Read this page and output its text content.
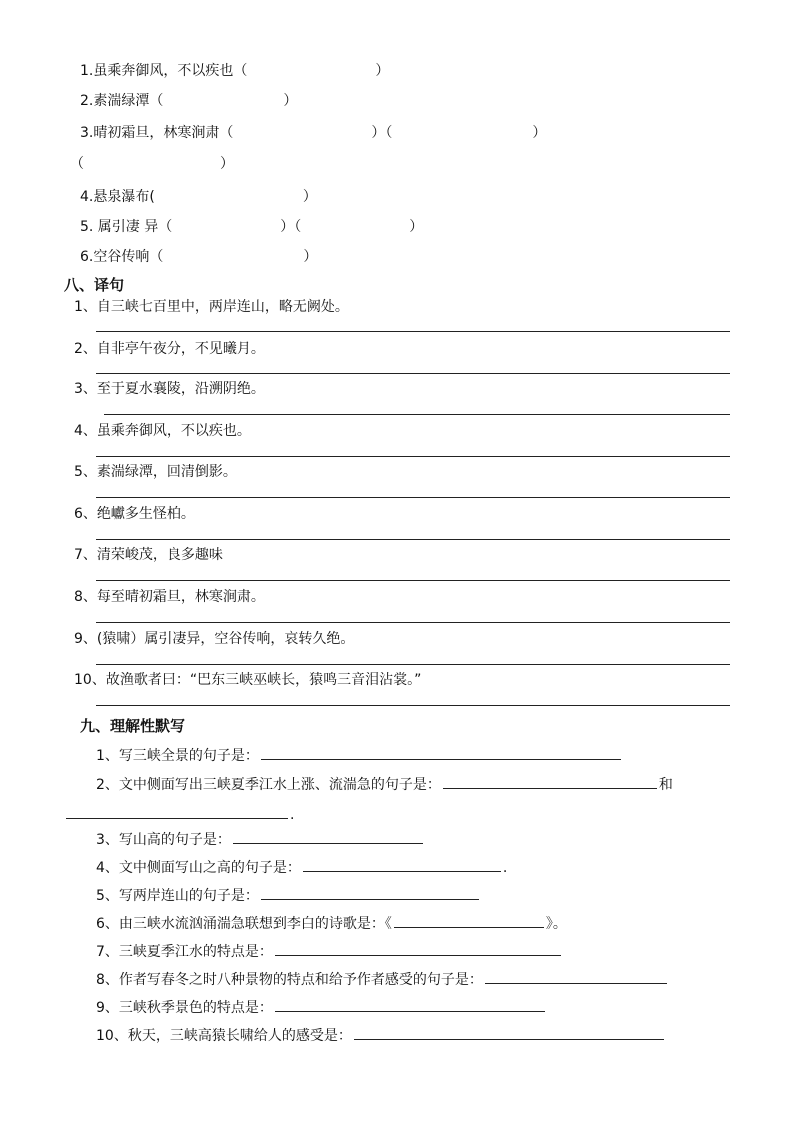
1.虽乘奔御风，不以疾也（	）
2.素湍绿潭（	）
3.晴初霜旦，林寒涧肃（	）（	）
（	）
4.悬泉瀑布(	）
5. 属引凄 异（	）（	）
6.空谷传响（	）
八、译句
1、自三峡七百里中，两岸连山，略无阙处。
2、自非亭午夜分，不见曦月。
3、至于夏水襄陵，沿溯阴绝。
4、虽乘奔御风，不以疾也。
5、素湍绿潭，回清倒影。
6、绝巘多生怪柏。
7、清荣峻茂，良多趣味
8、每至晴初霜旦，林寒涧肃。
9、(猿啸）属引凄异，空谷传响，哀转久绝。
10、故渔歌者曰：“巴东三峡巫峡长，猿鸣三音泪沾裳。”
九、理解性默写
1、写三峡全景的句子是：
2、文中侧面写出三峡夏季江水上涨、流湍急的句子是：	和
.
3、写山高的句子是：
4、文中侧面写山之高的句子是：	.
5、写两岸连山的句子是：
6、由三峡水流汹涌湍急联想到李白的诗歌是：《	》。
7、三峡夏季江水的特点是：
8、作者写春冬之时八种景物的特点和给予作者感受的句子是：
9、三峡秋季景色的特点是：
10、秋天，三峡高猿长啸给人的感受是：
